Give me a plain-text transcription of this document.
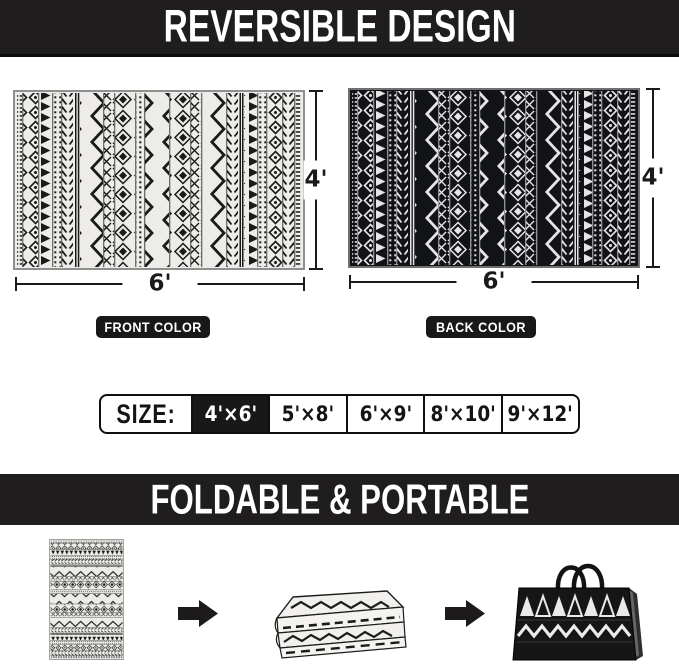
REVERSIBLE DESIGN
4'
6'
FRONT COLOR
4'
6'
BACK COLOR
SIZE: 4'×6' 5'×8' 6'×9' 8'×10' 9'×12'
FOLDABLE & PORTABLE
